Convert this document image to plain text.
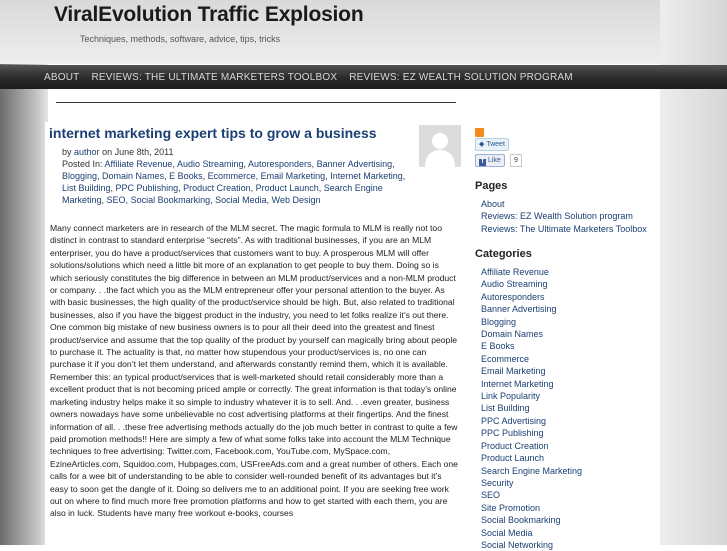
ViralEvolution Traffic Explosion
Techniques, methods, software, advice, tips, tricks
ABOUT	REVIEWS: THE ULTIMATE MARKETERS TOOLBOX	REVIEWS: EZ WEALTH SOLUTION PROGRAM
internet marketing expert tips to grow a business
by author on June 8th, 2011
Posted In: Affiliate Revenue, Audio Streaming, Autoresponders, Banner Advertising, Blogging, Domain Names, E Books, Ecommerce, Email Marketing, Internet Marketing, List Building, PPC Publishing, Product Creation, Product Launch, Search Engine Marketing, SEO, Social Bookmarking, Social Media, Web Design

Many connect marketers are in research of the MLM secret. The magic formula to MLM is really not too distinct in contrast to standard enterprise “secrets”. As with traditional businesses, if you are an MLM enterpriser, you do have a product/services that customers want to buy. A prosperous MLM will offer solutions/solutions which need a little bit more of an explanation to get people to buy them. Doing so is which seriously constitutes the big difference in between an MLM product/services and a non-MLM product or company. . .the fact which you as the MLM entrepreneur offer your personal attention to the buyer. As with basic businesses, the high quality of the product/service should be high. But, also related to traditional businesses, also if you have the biggest product in the industry, you need to let folks realize it’s out there. One common big mistake of new business owners is to pour all their deed into the greatest and finest product/service and assume that the top quality of the product by yourself can magically bring about people to purchase it. The actuality is that, no matter how stupendous your product/services is, no one can purchase it if you don’t let them understand, and afterwards constantly remind them, which it is available. Remember this: an typical product/services that is well-marketed should retail considerably more than a excellent product that is not becoming priced ample or correctly. The great information is that today’s online marketing industry helps make it so simple to industry whatever it is to sell. And. . .even greater, business owners nowadays have some unbelievable no cost advertising platforms at their fingertips. And the finest information of all. . .these free advertising methods actually do the job much better in contrast to quite a few paid promotion methods!! Here are simply a few of what some folks take into account the MLM Technique techniques to free advertising: Twitter.com, Facebook.com, YouTube.com, MySpace.com, EzineArticles.com, Squidoo.com, Hubpages.com, USFreeAds.com and a great number of others. Each one calls for a wee bit of understanding to be able to consider well-rounded benefit of its advantages but it’s easy to soon get the dangle of it. Doing so delivers me to an additional point. If you are seeking free work out on where to find much more free promotion platforms and how to get started with each them, you are also in luck. Students have many free workout e-books, courses

◆ Tweet
f Like	9
Pages
About
Reviews: EZ Wealth Solution program
Reviews: The Ultimate Marketers Toolbox
Categories
Affiliate Revenue
Audio Streaming
Autoresponders
Banner Advertising
Blogging
Domain Names
E Books
Ecommerce
Email Marketing
Internet Marketing
Link Popularity
List Building
PPC Advertising
PPC Publishing
Product Creation
Product Launch
Search Engine Marketing
Security
SEO
Site Promotion
Social Bookmarking
Social Media
Social Networking
